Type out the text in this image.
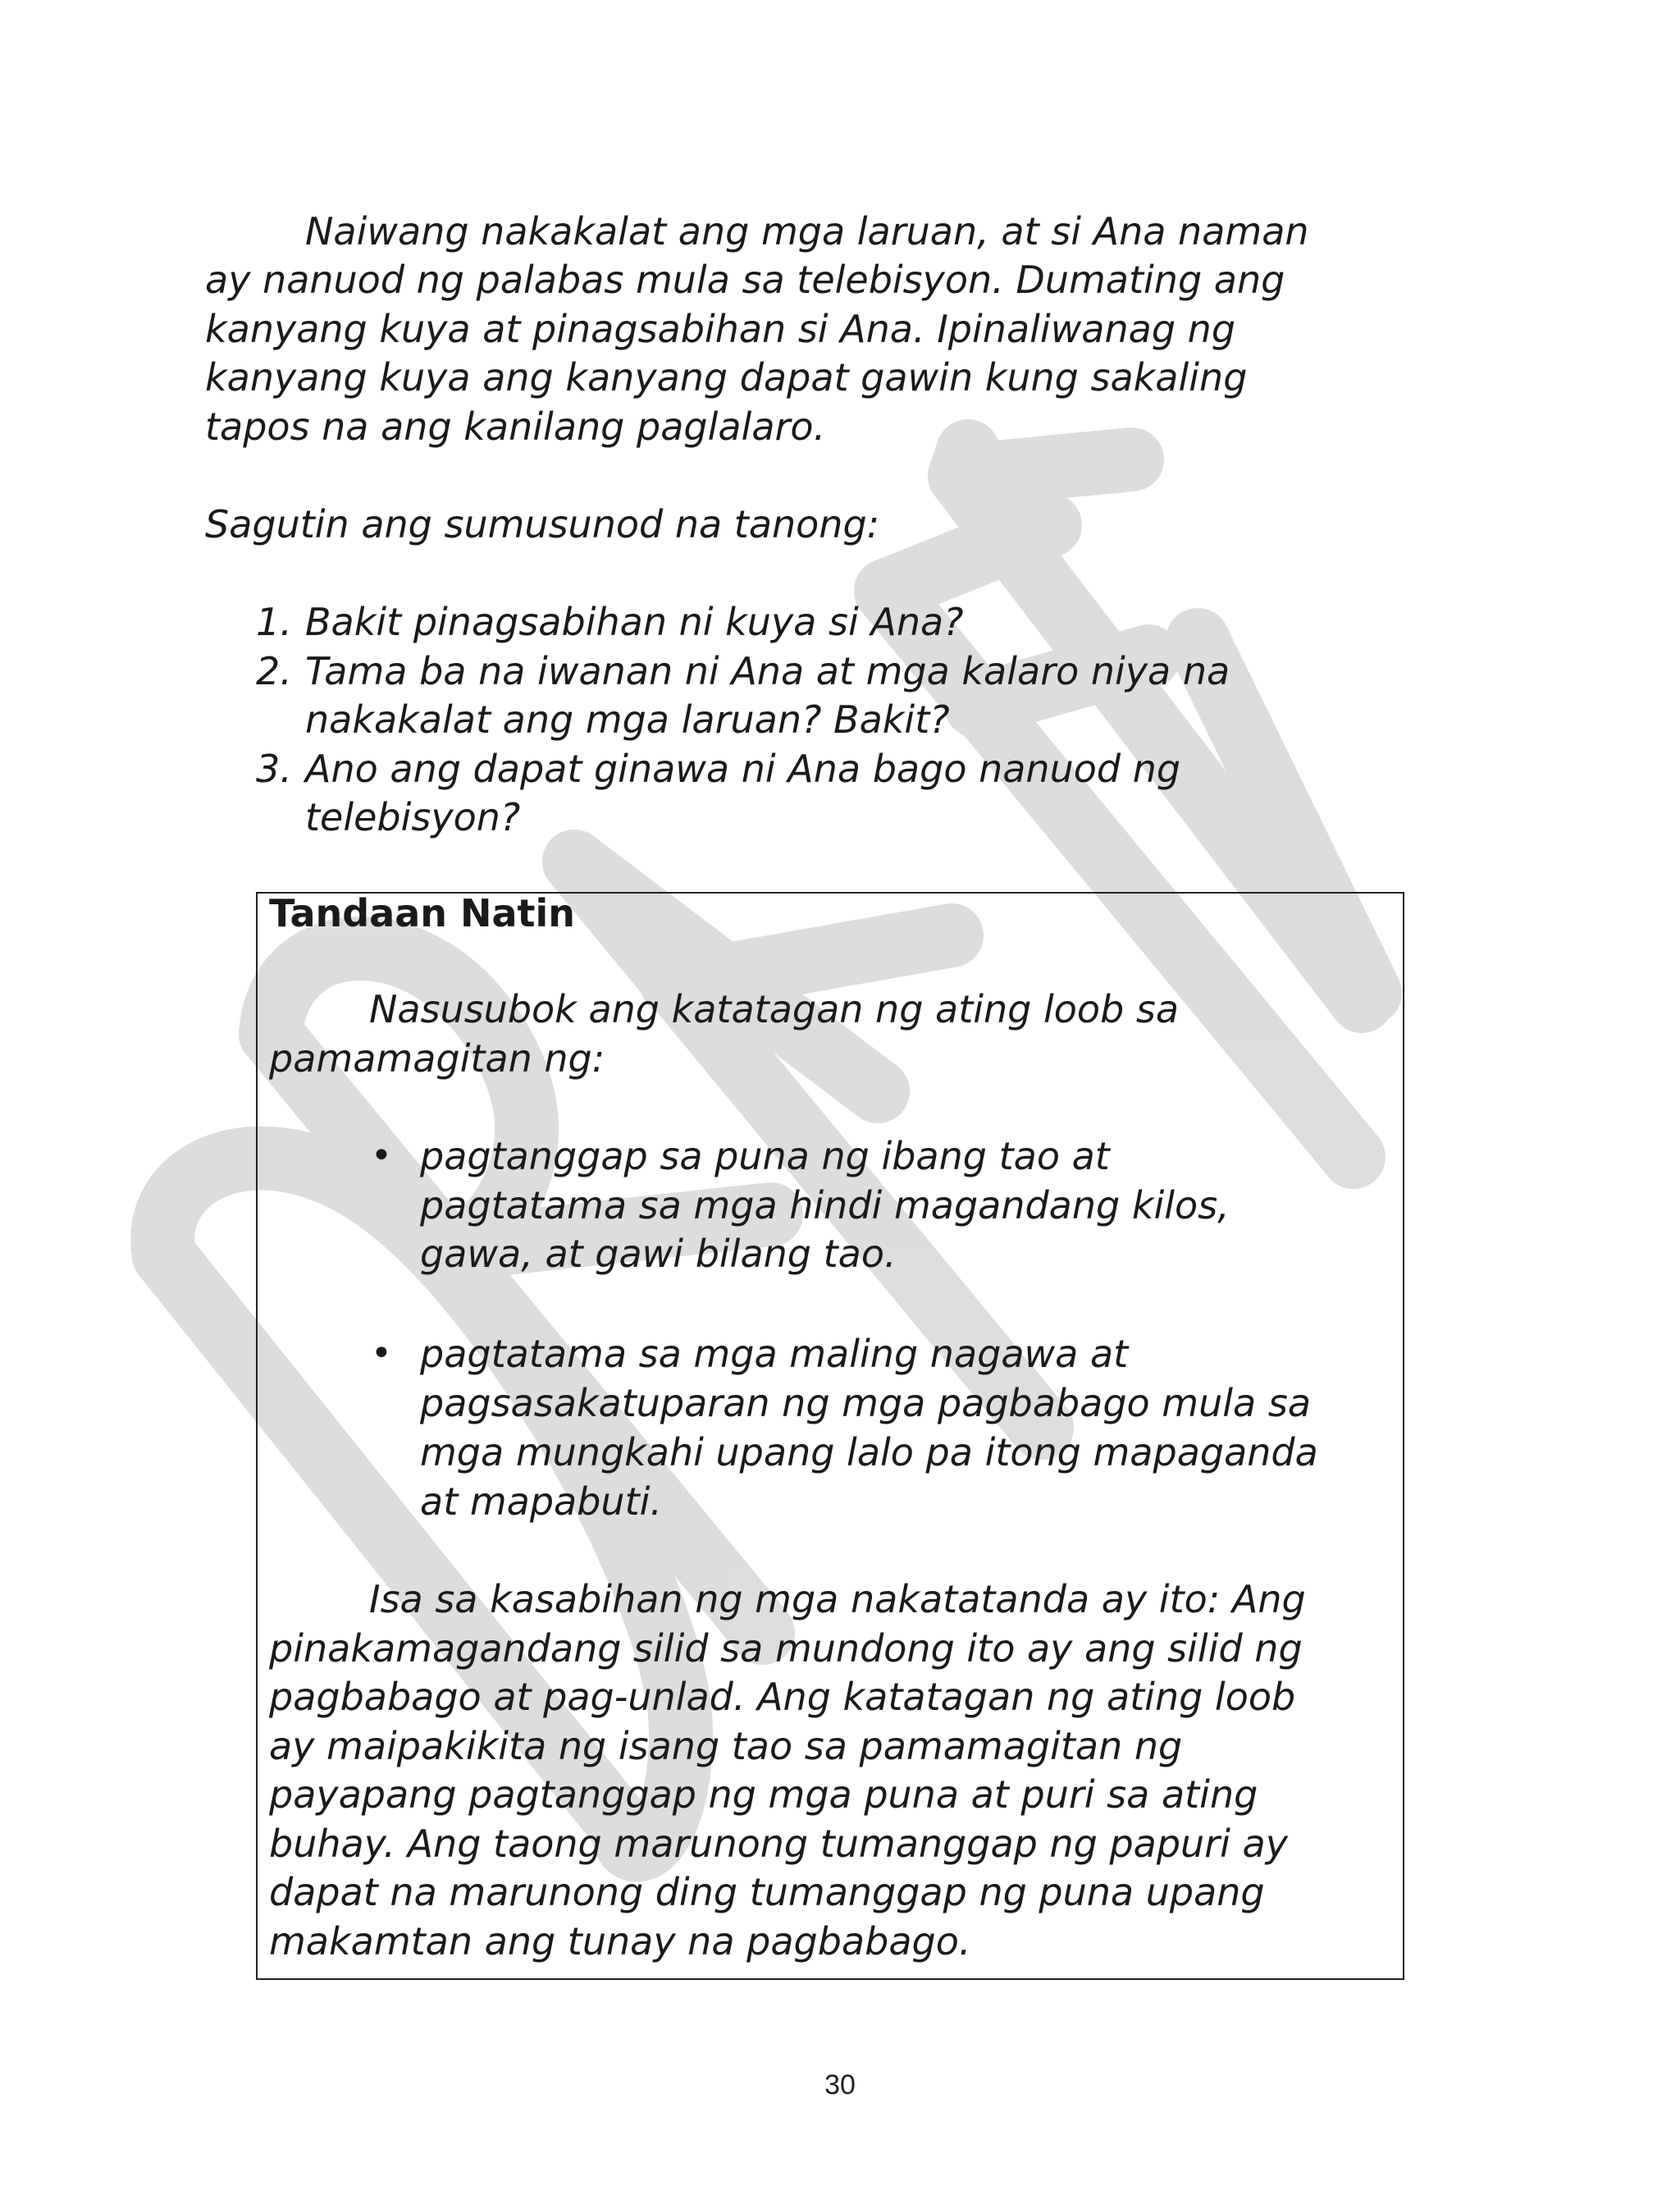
Naiwang nakakalat ang mga laruan, at si Ana naman

ay nanuod ng palabas mula sa telebisyon. Dumating ang

kanyang kuya at pinagsabihan si Ana. Ipinaliwanag ng

kanyang kuya ang kanyang dapat gawin kung sakaling

tapos na ang kanilang paglalaro.

Sagutin ang sumusunod na tanong:

1. Bakit pinagsabihan ni kuya si Ana?

2. Tama ba na iwanan ni Ana at mga kalaro niya na

nakakalat ang mga laruan? Bakit?

3. Ano ang dapat ginawa ni Ana bago nanuod ng

telebisyon?

Tandaan Natin

Nasusubok ang katatagan ng ating loob sa

pamamagitan ng:

• pagtanggap sa puna ng ibang tao at

pagtatama sa mga hindi magandang kilos,

gawa, at gawi bilang tao.

• pagtatama sa mga maling nagawa at

pagsasakatuparan ng mga pagbabago mula sa

mga mungkahi upang lalo pa itong mapaganda

at mapabuti.

Isa sa kasabihan ng mga nakatatanda ay ito: Ang

pinakamagandang silid sa mundong ito ay ang silid ng

pagbabago at pag-unlad. Ang katatagan ng ating loob

ay maipakikita ng isang tao sa pamamagitan ng

payapang pagtanggap ng mga puna at puri sa ating

buhay. Ang taong marunong tumanggap ng papuri ay

dapat na marunong ding tumanggap ng puna upang

makamtan ang tunay na pagbabago.

30
